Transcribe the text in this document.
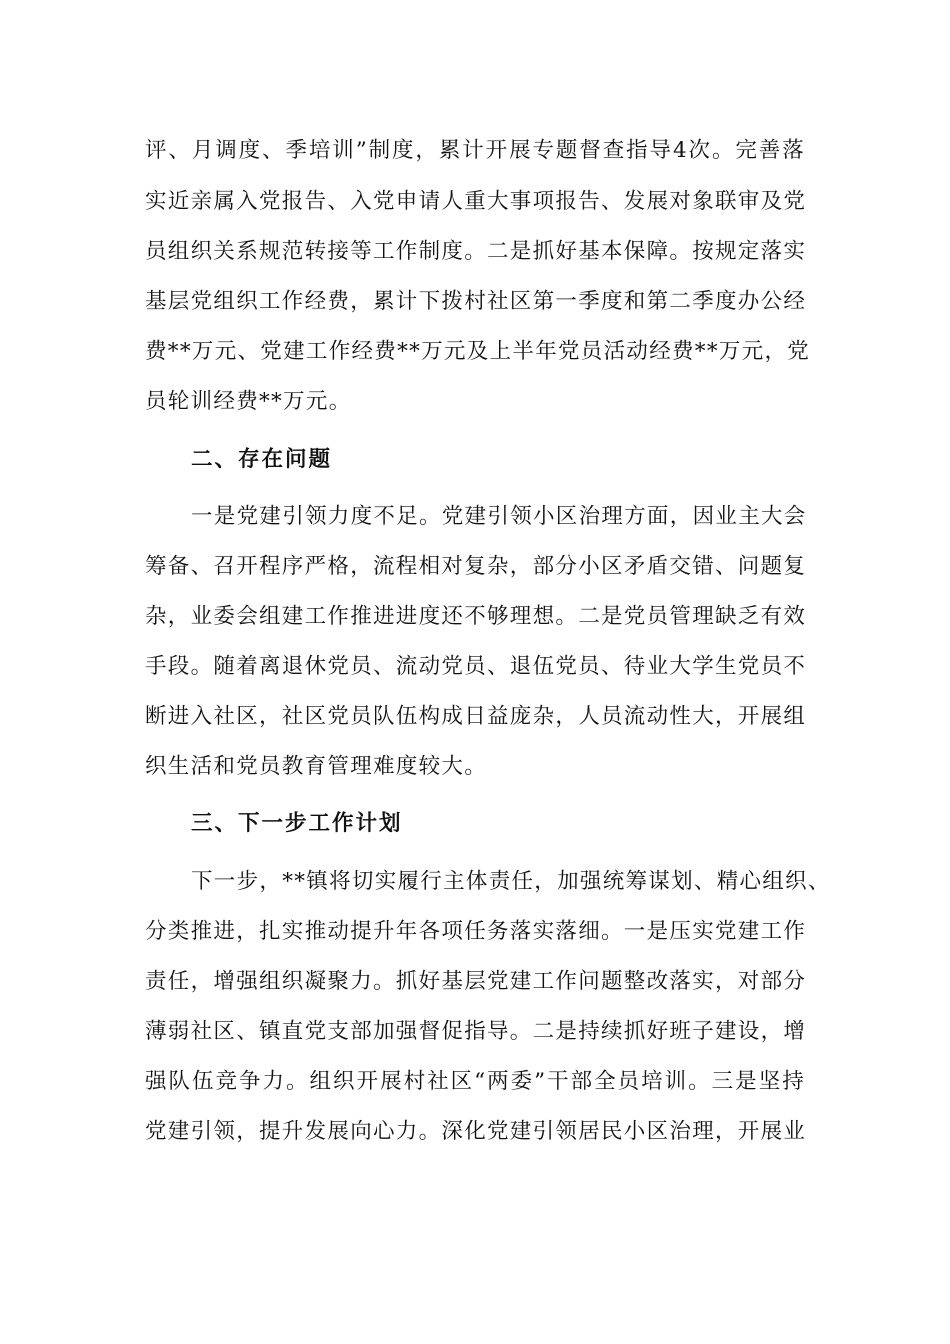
评、月调度、季培训”制度，累计开展专题督查指导4次。完善落
实近亲属入党报告、入党申请人重大事项报告、发展对象联审及党
员组织关系规范转接等工作制度。二是抓好基本保障。按规定落实
基层党组织工作经费，累计下拨村社区第一季度和第二季度办公经
费**万元、党建工作经费**万元及上半年党员活动经费**万元，党
员轮训经费**万元。
二、存在问题
一是党建引领力度不足。党建引领小区治理方面，因业主大会
筹备、召开程序严格，流程相对复杂，部分小区矛盾交错、问题复
杂，业委会组建工作推进进度还不够理想。二是党员管理缺乏有效
手段。随着离退休党员、流动党员、退伍党员、待业大学生党员不
断进入社区，社区党员队伍构成日益庞杂，人员流动性大，开展组
织生活和党员教育管理难度较大。
三、下一步工作计划
下一步，**镇将切实履行主体责任，加强统筹谋划、精心组织、
分类推进，扎实推动提升年各项任务落实落细。一是压实党建工作
责任，增强组织凝聚力。抓好基层党建工作问题整改落实，对部分
薄弱社区、镇直党支部加强督促指导。二是持续抓好班子建设，增
强队伍竞争力。组织开展村社区“两委”干部全员培训。三是坚持
党建引领，提升发展向心力。深化党建引领居民小区治理，开展业
